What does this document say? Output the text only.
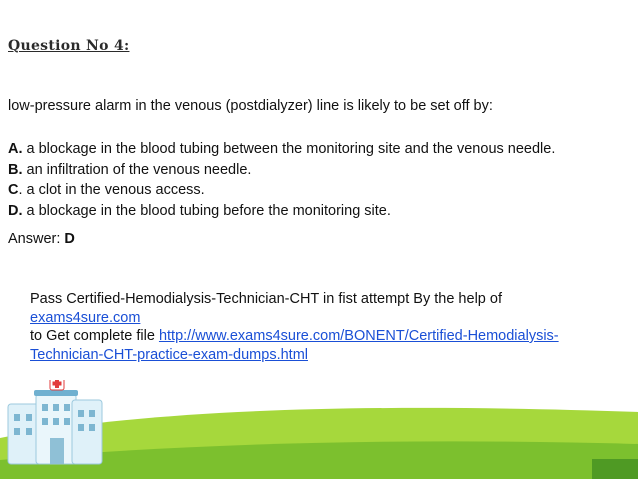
Question No 4:
low-pressure alarm in the venous (postdialyzer) line is likely to be set off by:
A. a blockage in the blood tubing between the monitoring site and the venous needle.
B. an infiltration of the venous needle.
C. a clot in the venous access.
D. a blockage in the blood tubing before the monitoring site.
Answer: D
Pass Certified-Hemodialysis-Technician-CHT in fist attempt By the help of
exams4sure.com
to Get complete file http://www.exams4sure.com/BONENT/Certified-Hemodialysis-Technician-CHT-practice-exam-dumps.html
